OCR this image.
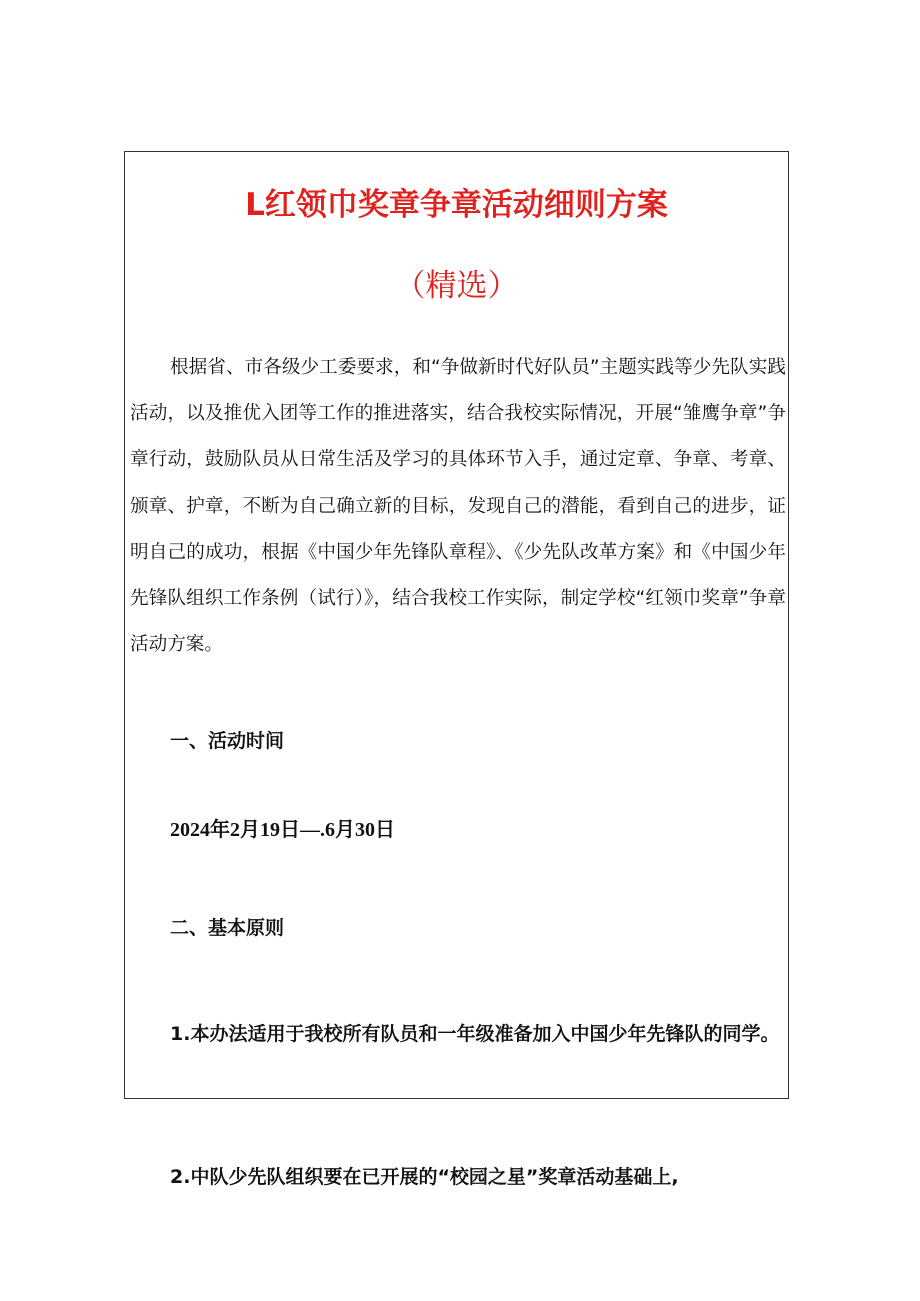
L红领巾奖章争章活动细则方案
（精选）

根据省、市各级少工委要求，和“争做新时代好队员”主题实践等少先队实践活动，以及推优入团等工作的推进落实，结合我校实际情况，开展“雏鹰争章”争章行动，鼓励队员从日常生活及学习的具体环节入手，通过定章、争章、考章、颁章、护章，不断为自己确立新的目标，发现自己的潜能，看到自己的进步，证明自己的成功，根据《中国少年先锋队章程》、《少先队改革方案》和《中国少年先锋队组织工作条例（试行）》，结合我校工作实际，制定学校“红领巾奖章”争章活动方案。

一、活动时间

2024年2月19日—.6月30日

二、基本原则

1.本办法适用于我校所有队员和一年级准备加入中国少年先锋队的同学。

2.中队少先队组织要在已开展的“校园之星”奖章活动基础上,
